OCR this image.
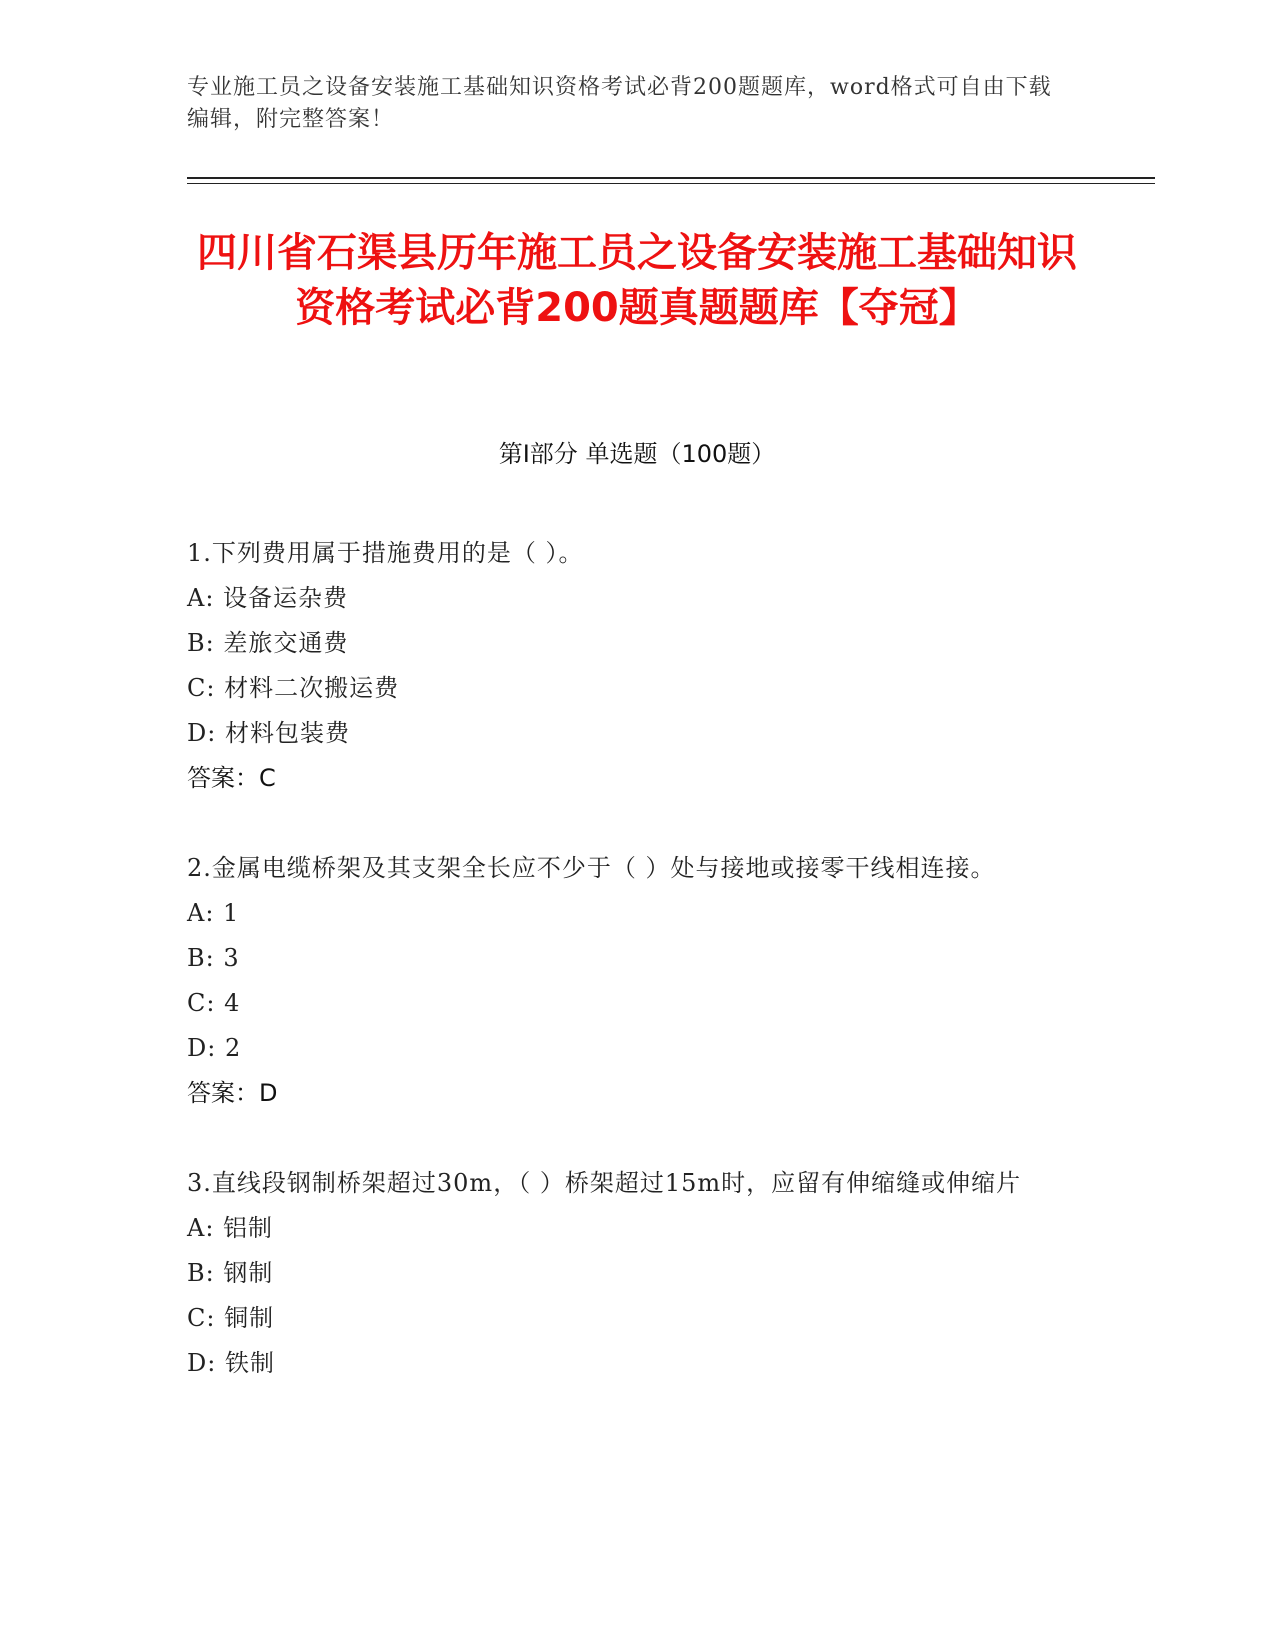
专业施工员之设备安装施工基础知识资格考试必背200题题库，word格式可自由下载编辑，附完整答案！
四川省石渠县历年施工员之设备安装施工基础知识资格考试必背200题真题题库【夺冠】
第I部分 单选题（100题）

1.下列费用属于措施费用的是（ ）。

A: 设备运杂费
B: 差旅交通费
C: 材料二次搬运费
D: 材料包装费
答案：C

2.金属电缆桥架及其支架全长应不少于（ ）处与接地或接零干线相连接。

A: 1
B: 3
C: 4
D: 2
答案：D

3.直线段钢制桥架超过30m，（ ）桥架超过15m时，应留有伸缩缝或伸缩片

A: 铝制
B: 钢制
C: 铜制
D: 铁制
